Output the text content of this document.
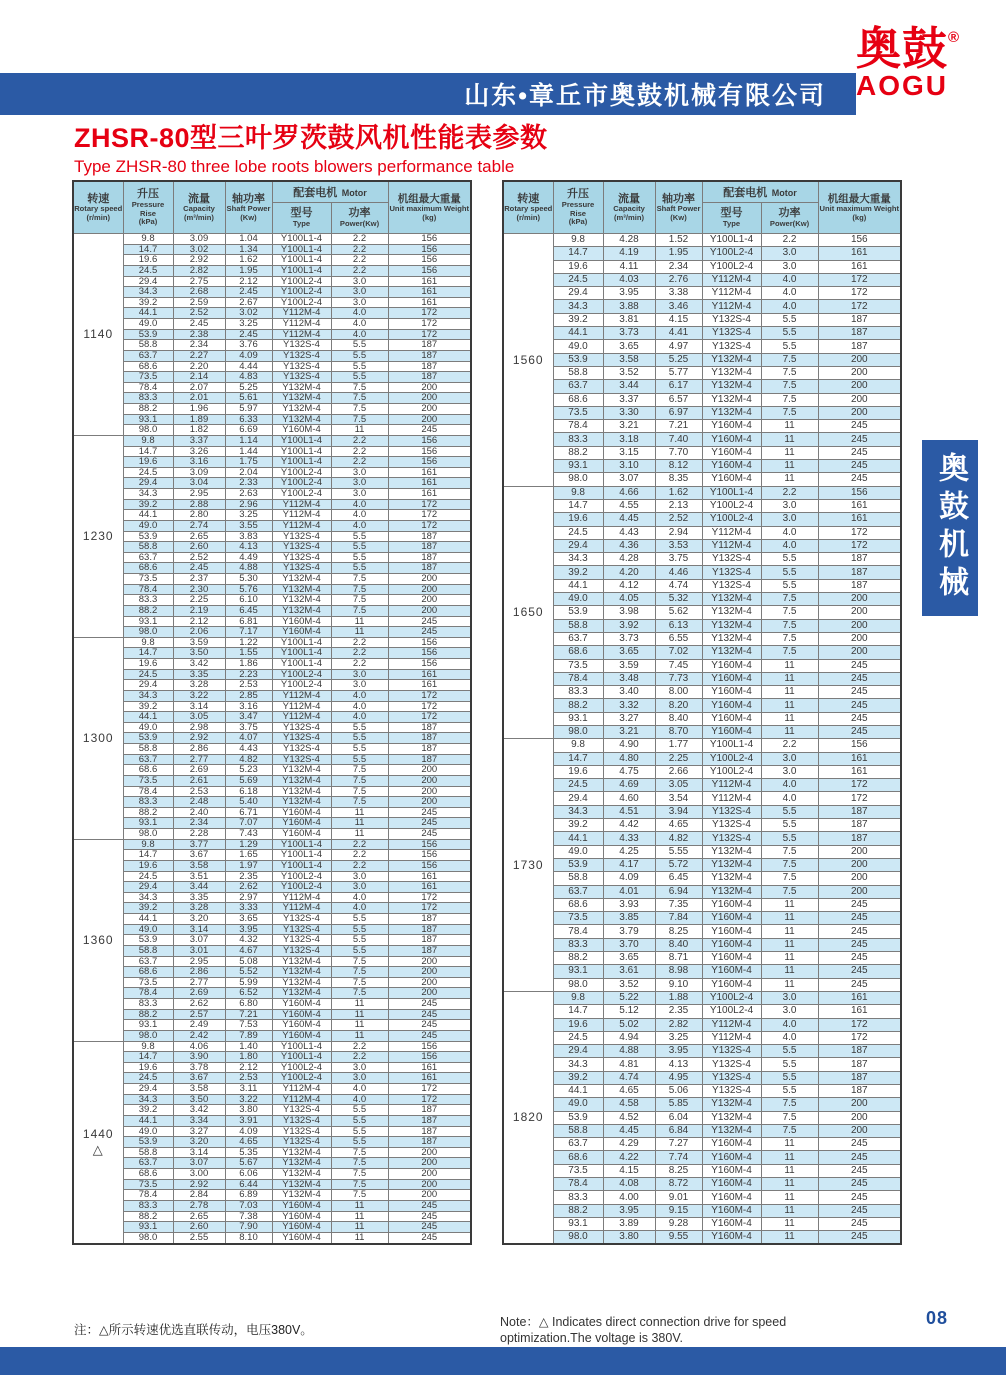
山东•章丘市奥鼓机械有限公司
奥鼓®
AOGU
ZHSR-80型三叶罗茨鼓风机性能表参数
Type ZHSR-80 three lobe roots blowers performance table
转速
Rotary speed
(r/min)

升压
Pressure Rise
(kPa)

流量
Capacity
(m³/min)

轴功率
Shaft Power
(Kw)
	配套电机 Motor	机组最大重量
Unit maximum Weight
(kg)

型号
Type

功率
Power(Kw)

1140	9.8	3.09	1.04	Y100L1-4	2.2	156
	14.7	3.02	1.34	Y100L1-4	2.2	156
	19.6	2.92	1.62	Y100L1-4	2.2	156
	24.5	2.82	1.95	Y100L1-4	2.2	156
	29.4	2.75	2.12	Y100L2-4	3.0	161
	34.3	2.68	2.45	Y100L2-4	3.0	161
	39.2	2.59	2.67	Y100L2-4	3.0	161
	44.1	2.52	3.02	Y112M-4	4.0	172
	49.0	2.45	3.25	Y112M-4	4.0	172
	53.9	2.38	2.45	Y112M-4	4.0	172
	58.8	2.34	3.76	Y132S-4	5.5	187
	63.7	2.27	4.09	Y132S-4	5.5	187
	68.6	2.20	4.44	Y132S-4	5.5	187
	73.5	2.14	4.83	Y132S-4	5.5	187
	78.4	2.07	5.25	Y132M-4	7.5	200
	83.3	2.01	5.61	Y132M-4	7.5	200
	88.2	1.96	5.97	Y132M-4	7.5	200
	93.1	1.89	6.33	Y132M-4	7.5	200
	98.0	1.82	6.69	Y160M-4	11	245

1230	9.8	3.37	1.14	Y100L1-4	2.2	156
	14.7	3.26	1.44	Y100L1-4	2.2	156
	19.6	3.16	1.75	Y100L1-4	2.2	156
	24.5	3.09	2.04	Y100L2-4	3.0	161
	29.4	3.04	2.33	Y100L2-4	3.0	161
	34.3	2.95	2.63	Y100L2-4	3.0	161
	39.2	2.88	2.96	Y112M-4	4.0	172
	44.1	2.80	3.25	Y112M-4	4.0	172
	49.0	2.74	3.55	Y112M-4	4.0	172
	53.9	2.65	3.83	Y132S-4	5.5	187
	58.8	2.60	4.13	Y132S-4	5.5	187
	63.7	2.52	4.49	Y132S-4	5.5	187
	68.6	2.45	4.88	Y132S-4	5.5	187
	73.5	2.37	5.30	Y132M-4	7.5	200
	78.4	2.30	5.76	Y132M-4	7.5	200
	83.3	2.25	6.10	Y132M-4	7.5	200
	88.2	2.19	6.45	Y132M-4	7.5	200
	93.1	2.12	6.81	Y160M-4	11	245
	98.0	2.06	7.17	Y160M-4	11	245

1300	9.8	3.59	1.22	Y100L1-4	2.2	156
	14.7	3.50	1.55	Y100L1-4	2.2	156
	19.6	3.42	1.86	Y100L1-4	2.2	156
	24.5	3.35	2.23	Y100L2-4	3.0	161
	29.4	3.28	2.53	Y100L2-4	3.0	161
	34.3	3.22	2.85	Y112M-4	4.0	172
	39.2	3.14	3.16	Y112M-4	4.0	172
	44.1	3.05	3.47	Y112M-4	4.0	172
	49.0	2.98	3.75	Y132S-4	5.5	187
	53.9	2.92	4.07	Y132S-4	5.5	187
	58.8	2.86	4.43	Y132S-4	5.5	187
	63.7	2.77	4.82	Y132S-4	5.5	187
	68.6	2.69	5.23	Y132M-4	7.5	200
	73.5	2.61	5.69	Y132M-4	7.5	200
	78.4	2.53	6.18	Y132M-4	7.5	200
	83.3	2.48	5.40	Y132M-4	7.5	200
	88.2	2.40	6.71	Y160M-4	11	245
	93.1	2.34	7.07	Y160M-4	11	245
	98.0	2.28	7.43	Y160M-4	11	245

1360	9.8	3.77	1.29	Y100L1-4	2.2	156
	14.7	3.67	1.65	Y100L1-4	2.2	156
	19.6	3.58	1.97	Y100L1-4	2.2	156
	24.5	3.51	2.35	Y100L2-4	3.0	161
	29.4	3.44	2.62	Y100L2-4	3.0	161
	34.3	3.35	2.97	Y112M-4	4.0	172
	39.2	3.28	3.33	Y112M-4	4.0	172
	44.1	3.20	3.65	Y132S-4	5.5	187
	49.0	3.14	3.95	Y132S-4	5.5	187
	53.9	3.07	4.32	Y132S-4	5.5	187
	58.8	3.01	4.67	Y132S-4	5.5	187
	63.7	2.95	5.08	Y132M-4	7.5	200
	68.6	2.86	5.52	Y132M-4	7.5	200
	73.5	2.77	5.99	Y132M-4	7.5	200
	78.4	2.69	6.52	Y132M-4	7.5	200
	83.3	2.62	6.80	Y160M-4	11	245
	88.2	2.57	7.21	Y160M-4	11	245
	93.1	2.49	7.53	Y160M-4	11	245
	98.0	2.42	7.89	Y160M-4	11	245

1440
△	9.8	4.06	1.40	Y100L1-4	2.2	156
	14.7	3.90	1.80	Y100L1-4	2.2	156
	19.6	3.78	2.12	Y100L2-4	3.0	161
	24.5	3.67	2.53	Y100L2-4	3.0	161
	29.4	3.58	3.11	Y112M-4	4.0	172
	34.3	3.50	3.22	Y112M-4	4.0	172
	39.2	3.42	3.80	Y132S-4	5.5	187
	44.1	3.34	3.91	Y132S-4	5.5	187
	49.0	3.27	4.09	Y132S-4	5.5	187
	53.9	3.20	4.65	Y132S-4	5.5	187
	58.8	3.14	5.35	Y132M-4	7.5	200
	63.7	3.07	5.67	Y132M-4	7.5	200
	68.6	3.00	6.06	Y132M-4	7.5	200
	73.5	2.92	6.44	Y132M-4	7.5	200
	78.4	2.84	6.89	Y132M-4	7.5	200
	83.3	2.78	7.03	Y160M-4	11	245
	88.2	2.65	7.38	Y160M-4	11	245
	93.1	2.60	7.90	Y160M-4	11	245
	98.0	2.55	8.10	Y160M-4	11	245
转速
Rotary speed
(r/min)

升压
Pressure Rise
(kPa)

流量
Capacity
(m³/min)

轴功率
Shaft Power
(Kw)
	配套电机 Motor	机组最大重量
Unit maximum Weight
(kg)

型号
Type

功率
Power(Kw)

1560	9.8	4.28	1.52	Y100L1-4	2.2	156
	14.7	4.19	1.95	Y100L2-4	3.0	161
	19.6	4.11	2.34	Y100L2-4	3.0	161
	24.5	4.03	2.76	Y112M-4	4.0	172
	29.4	3.95	3.38	Y112M-4	4.0	172
	34.3	3.88	3.46	Y112M-4	4.0	172
	39.2	3.81	4.15	Y132S-4	5.5	187
	44.1	3.73	4.41	Y132S-4	5.5	187
	49.0	3.65	4.97	Y132S-4	5.5	187
	53.9	3.58	5.25	Y132M-4	7.5	200
	58.8	3.52	5.77	Y132M-4	7.5	200
	63.7	3.44	6.17	Y132M-4	7.5	200
	68.6	3.37	6.57	Y132M-4	7.5	200
	73.5	3.30	6.97	Y132M-4	7.5	200
	78.4	3.21	7.21	Y160M-4	11	245
	83.3	3.18	7.40	Y160M-4	11	245
	88.2	3.15	7.70	Y160M-4	11	245
	93.1	3.10	8.12	Y160M-4	11	245
	98.0	3.07	8.35	Y160M-4	11	245

1650	9.8	4.66	1.62	Y100L1-4	2.2	156
	14.7	4.55	2.13	Y100L2-4	3.0	161
	19.6	4.45	2.52	Y100L2-4	3.0	161
	24.5	4.43	2.94	Y112M-4	4.0	172
	29.4	4.36	3.53	Y112M-4	4.0	172
	34.3	4.28	3.75	Y132S-4	5.5	187
	39.2	4.20	4.46	Y132S-4	5.5	187
	44.1	4.12	4.74	Y132S-4	5.5	187
	49.0	4.05	5.32	Y132M-4	7.5	200
	53.9	3.98	5.62	Y132M-4	7.5	200
	58.8	3.92	6.13	Y132M-4	7.5	200
	63.7	3.73	6.55	Y132M-4	7.5	200
	68.6	3.65	7.02	Y132M-4	7.5	200
	73.5	3.59	7.45	Y160M-4	11	245
	78.4	3.48	7.73	Y160M-4	11	245
	83.3	3.40	8.00	Y160M-4	11	245
	88.2	3.32	8.20	Y160M-4	11	245
	93.1	3.27	8.40	Y160M-4	11	245
	98.0	3.21	8.70	Y160M-4	11	245

1730	9.8	4.90	1.77	Y100L1-4	2.2	156
	14.7	4.80	2.25	Y100L2-4	3.0	161
	19.6	4.75	2.66	Y100L2-4	3.0	161
	24.5	4.69	3.05	Y112M-4	4.0	172
	29.4	4.60	3.54	Y112M-4	4.0	172
	34.3	4.51	3.94	Y132S-4	5.5	187
	39.2	4.42	4.65	Y132S-4	5.5	187
	44.1	4.33	4.82	Y132S-4	5.5	187
	49.0	4.25	5.55	Y132M-4	7.5	200
	53.9	4.17	5.72	Y132M-4	7.5	200
	58.8	4.09	6.45	Y132M-4	7.5	200
	63.7	4.01	6.94	Y132M-4	7.5	200
	68.6	3.93	7.35	Y160M-4	11	245
	73.5	3.85	7.84	Y160M-4	11	245
	78.4	3.79	8.25	Y160M-4	11	245
	83.3	3.70	8.40	Y160M-4	11	245
	88.2	3.65	8.71	Y160M-4	11	245
	93.1	3.61	8.98	Y160M-4	11	245
	98.0	3.52	9.10	Y160M-4	11	245

1820	9.8	5.22	1.88	Y100L2-4	3.0	161
	14.7	5.12	2.35	Y100L2-4	3.0	161
	19.6	5.02	2.82	Y112M-4	4.0	172
	24.5	4.94	3.25	Y112M-4	4.0	172
	29.4	4.88	3.95	Y132S-4	5.5	187
	34.3	4.81	4.13	Y132S-4	5.5	187
	39.2	4.74	4.95	Y132S-4	5.5	187
	44.1	4.65	5.06	Y132S-4	5.5	187
	49.0	4.58	5.85	Y132M-4	7.5	200
	53.9	4.52	6.04	Y132M-4	7.5	200
	58.8	4.45	6.84	Y132M-4	7.5	200
	63.7	4.29	7.27	Y160M-4	11	245
	68.6	4.22	7.74	Y160M-4	11	245
	73.5	4.15	8.25	Y160M-4	11	245
	78.4	4.08	8.72	Y160M-4	11	245
	83.3	4.00	9.01	Y160M-4	11	245
	88.2	3.95	9.15	Y160M-4	11	245
	93.1	3.89	9.28	Y160M-4	11	245
	98.0	3.80	9.55	Y160M-4	11	245
奥鼓机械
注：△所示转速优选直联传动，电压380V。
Note：△ Indicates direct connection drive for speed optimization.The voltage is 380V.
08
